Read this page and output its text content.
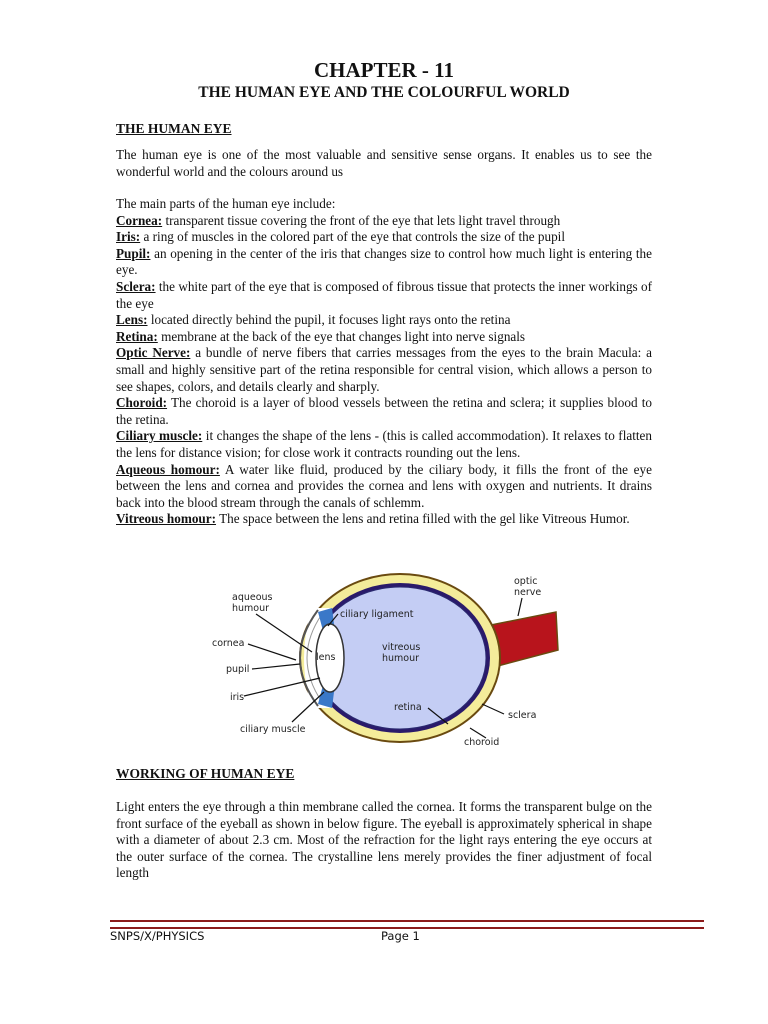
CHAPTER - 11
THE HUMAN EYE AND THE COLOURFUL WORLD
THE HUMAN EYE
The human eye is one of the most valuable and sensitive sense organs. It enables us to see the wonderful world and the colours around us
The main parts of the human eye include:
Cornea: transparent tissue covering the front of the eye that lets light travel through
Iris: a ring of muscles in the colored part of the eye that controls the size of the pupil
Pupil: an opening in the center of the iris that changes size to control how much light is entering the eye.
Sclera: the white part of the eye that is composed of fibrous tissue that protects the inner workings of the eye
Lens: located directly behind the pupil, it focuses light rays onto the retina
Retina: membrane at the back of the eye that changes light into nerve signals
Optic Nerve: a bundle of nerve fibers that carries messages from the eyes to the brain Macula: a small and highly sensitive part of the retina responsible for central vision, which allows a person to see shapes, colors, and details clearly and sharply.
Choroid: The choroid is a layer of blood vessels between the retina and sclera; it supplies blood to the retina.
Ciliary muscle: it changes the shape of the lens - (this is called accommodation). It relaxes to flatten the lens for distance vision; for close work it contracts rounding out the lens.
Aqueous homour: A water like fluid, produced by the ciliary body, it fills the front of the eye between the lens and cornea and provides the cornea and lens with oxygen and nutrients. It drains back into the blood stream through the canals of schlemm.
Vitreous homour: The space between the lens and retina filled with the gel like Vitreous Humor.
aqueous
humour
cornea
pupil
iris
ciliary muscle
ciliary ligament
lens
vitreous
humour
retina
sclera
choroid
optic
nerve
WORKING OF HUMAN EYE
Light enters the eye through a thin membrane called the cornea. It forms the transparent bulge on the front surface of the eyeball as shown in below figure. The eyeball is approximately spherical in shape with a diameter of about 2.3 cm. Most of the refraction for the light rays entering the eye occurs at the outer surface of the cornea. The crystalline lens merely provides the finer adjustment of focal length
SNPS/X/PHYSICS	Page 1
